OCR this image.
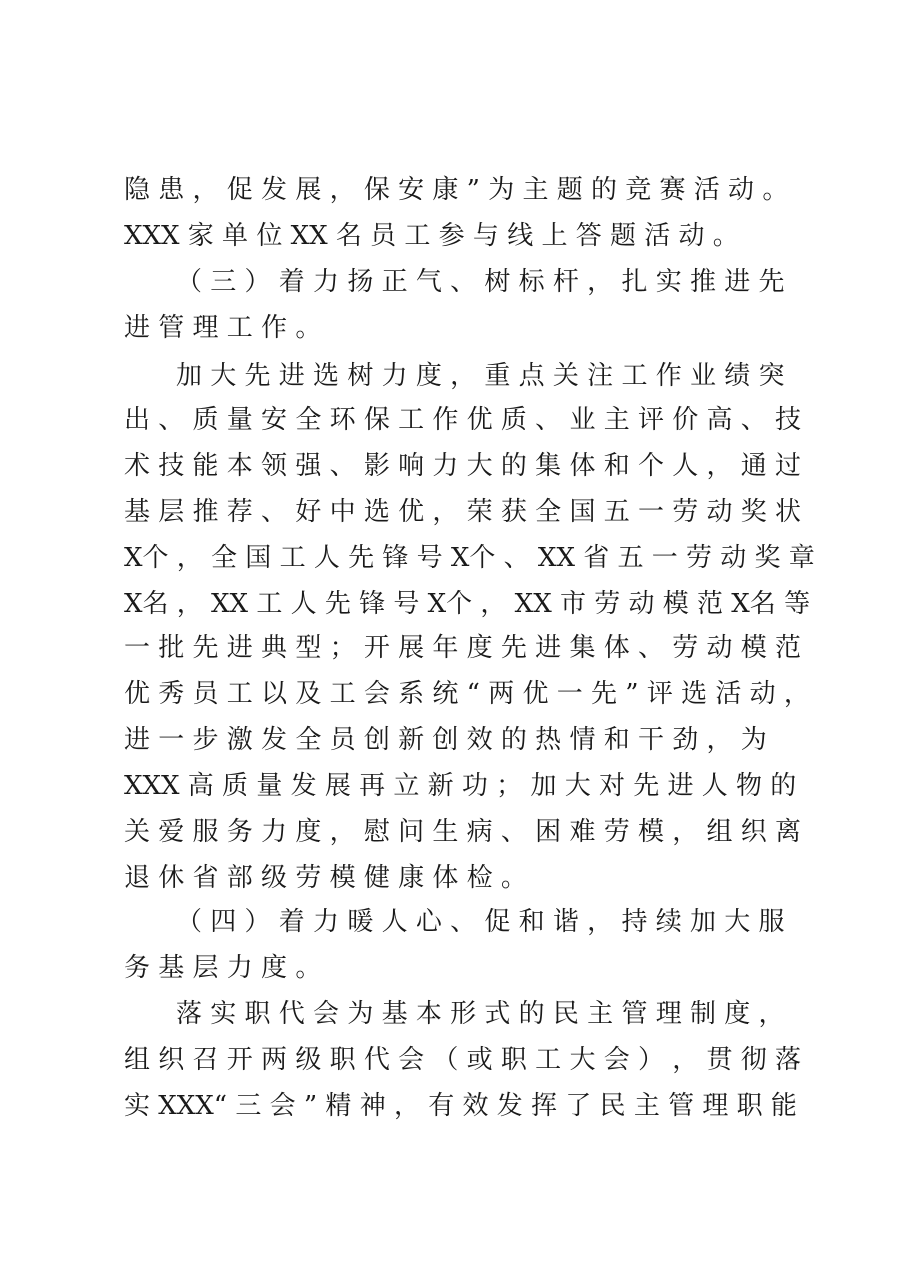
隐 患 ， 促 发 展 ， 保 安 康 ” 为 主 题 的 竞 赛 活 动 。
XXX 家 单 位 XX 名 员 工 参 与 线 上 答 题 活 动 。
（ 三 ） 着 力 扬 正 气 、 树 标 杆 ， 扎 实 推 进 先
进 管 理 工 作 。
加 大 先 进 选 树 力 度 ， 重 点 关 注 工 作 业 绩 突
出 、 质 量 安 全 环 保 工 作 优 质 、 业 主 评 价 高 、 技
术 技 能 本 领 强 、 影 响 力 大 的 集 体 和 个 人 ， 通 过
基 层 推 荐 、 好 中 选 优 ， 荣 获 全 国 五 一 劳 动 奖 状
X个 ， 全 国 工 人 先 锋 号 X个 、 XX 省 五 一 劳 动 奖 章
X名 ， XX 工 人 先 锋 号 X个 ， XX 市 劳 动 模 范 X名 等
一 批 先 进 典 型 ； 开 展 年 度 先 进 集 体 、 劳 动 模 范
优 秀 员 工 以 及 工 会 系 统 “ 两 优 一 先 ” 评 选 活 动 ，
进 一 步 激 发 全 员 创 新 创 效 的 热 情 和 干 劲 ， 为
XXX 高 质 量 发 展 再 立 新 功 ； 加 大 对 先 进 人 物 的
关 爱 服 务 力 度 ， 慰 问 生 病 、 困 难 劳 模 ， 组 织 离
退 休 省 部 级 劳 模 健 康 体 检 。
（ 四 ） 着 力 暖 人 心 、 促 和 谐 ， 持 续 加 大 服
务 基 层 力 度 。
落 实 职 代 会 为 基 本 形 式 的 民 主 管 理 制 度 ，
组 织 召 开 两 级 职 代 会 （ 或 职 工 大 会 ） ， 贯 彻 落
实 XXX“ 三 会 ” 精 神 ， 有 效 发 挥 了 民 主 管 理 职 能
